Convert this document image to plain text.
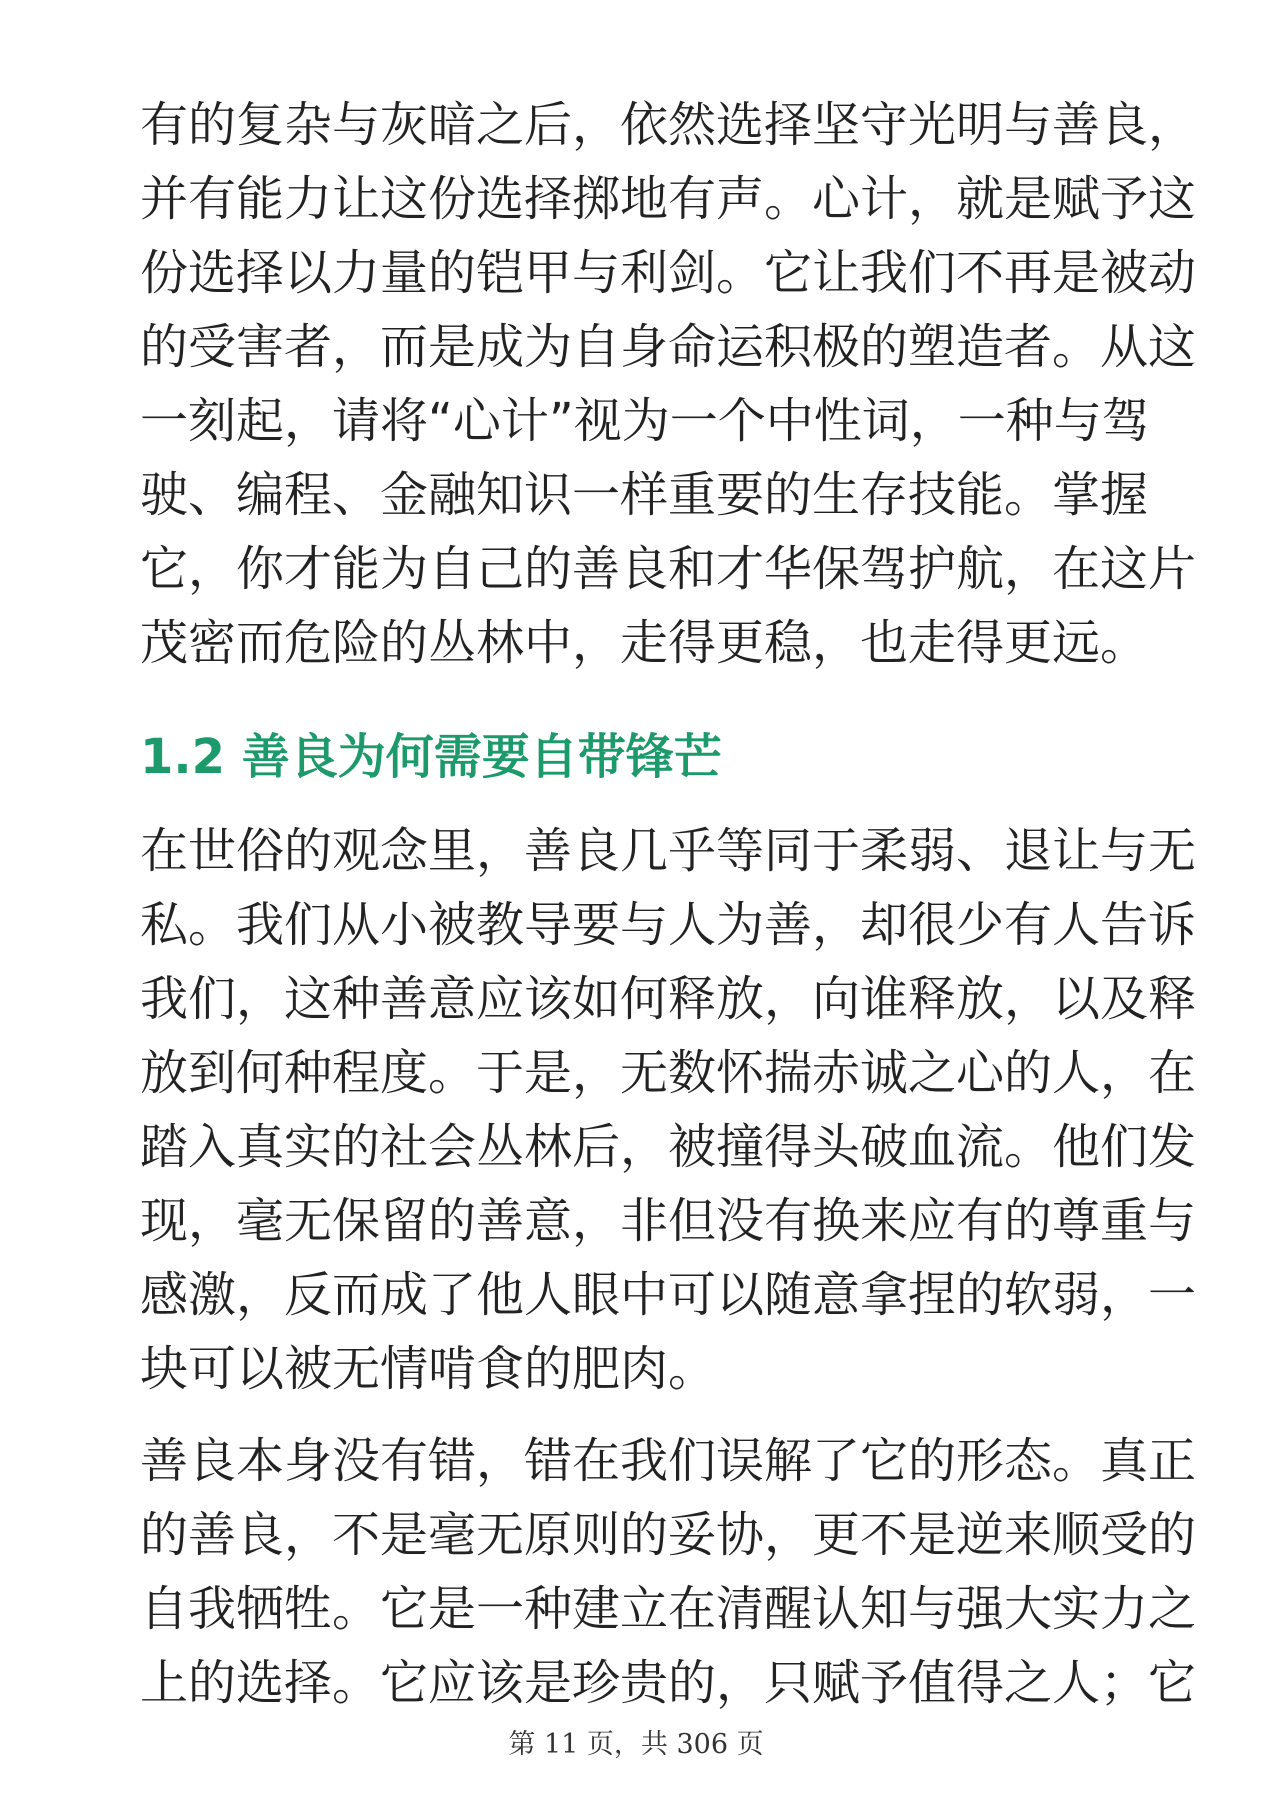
有的复杂与灰暗之后，依然选择坚守光明与善良，
并有能力让这份选择掷地有声。心计，就是赋予这
份选择以力量的铠甲与利剑。它让我们不再是被动
的受害者，而是成为自身命运积极的塑造者。从这
一刻起，请将“心计”视为一个中性词，一种与驾
驶、编程、金融知识一样重要的生存技能。掌握
它，你才能为自己的善良和才华保驾护航，在这片
茂密而危险的丛林中，走得更稳，也走得更远。

1.2 善良为何需要自带锋芒

在世俗的观念里，善良几乎等同于柔弱、退让与无
私。我们从小被教导要与人为善，却很少有人告诉
我们，这种善意应该如何释放，向谁释放，以及释
放到何种程度。于是，无数怀揣赤诚之心的人，在
踏入真实的社会丛林后，被撞得头破血流。他们发
现，毫无保留的善意，非但没有换来应有的尊重与
感激，反而成了他人眼中可以随意拿捏的软弱，一
块可以被无情啃食的肥肉。

善良本身没有错，错在我们误解了它的形态。真正
的善良，不是毫无原则的妥协，更不是逆来顺受的
自我牺牲。它是一种建立在清醒认知与强大实力之
上的选择。它应该是珍贵的，只赋予值得之人；它

第 11 页，共 306 页
